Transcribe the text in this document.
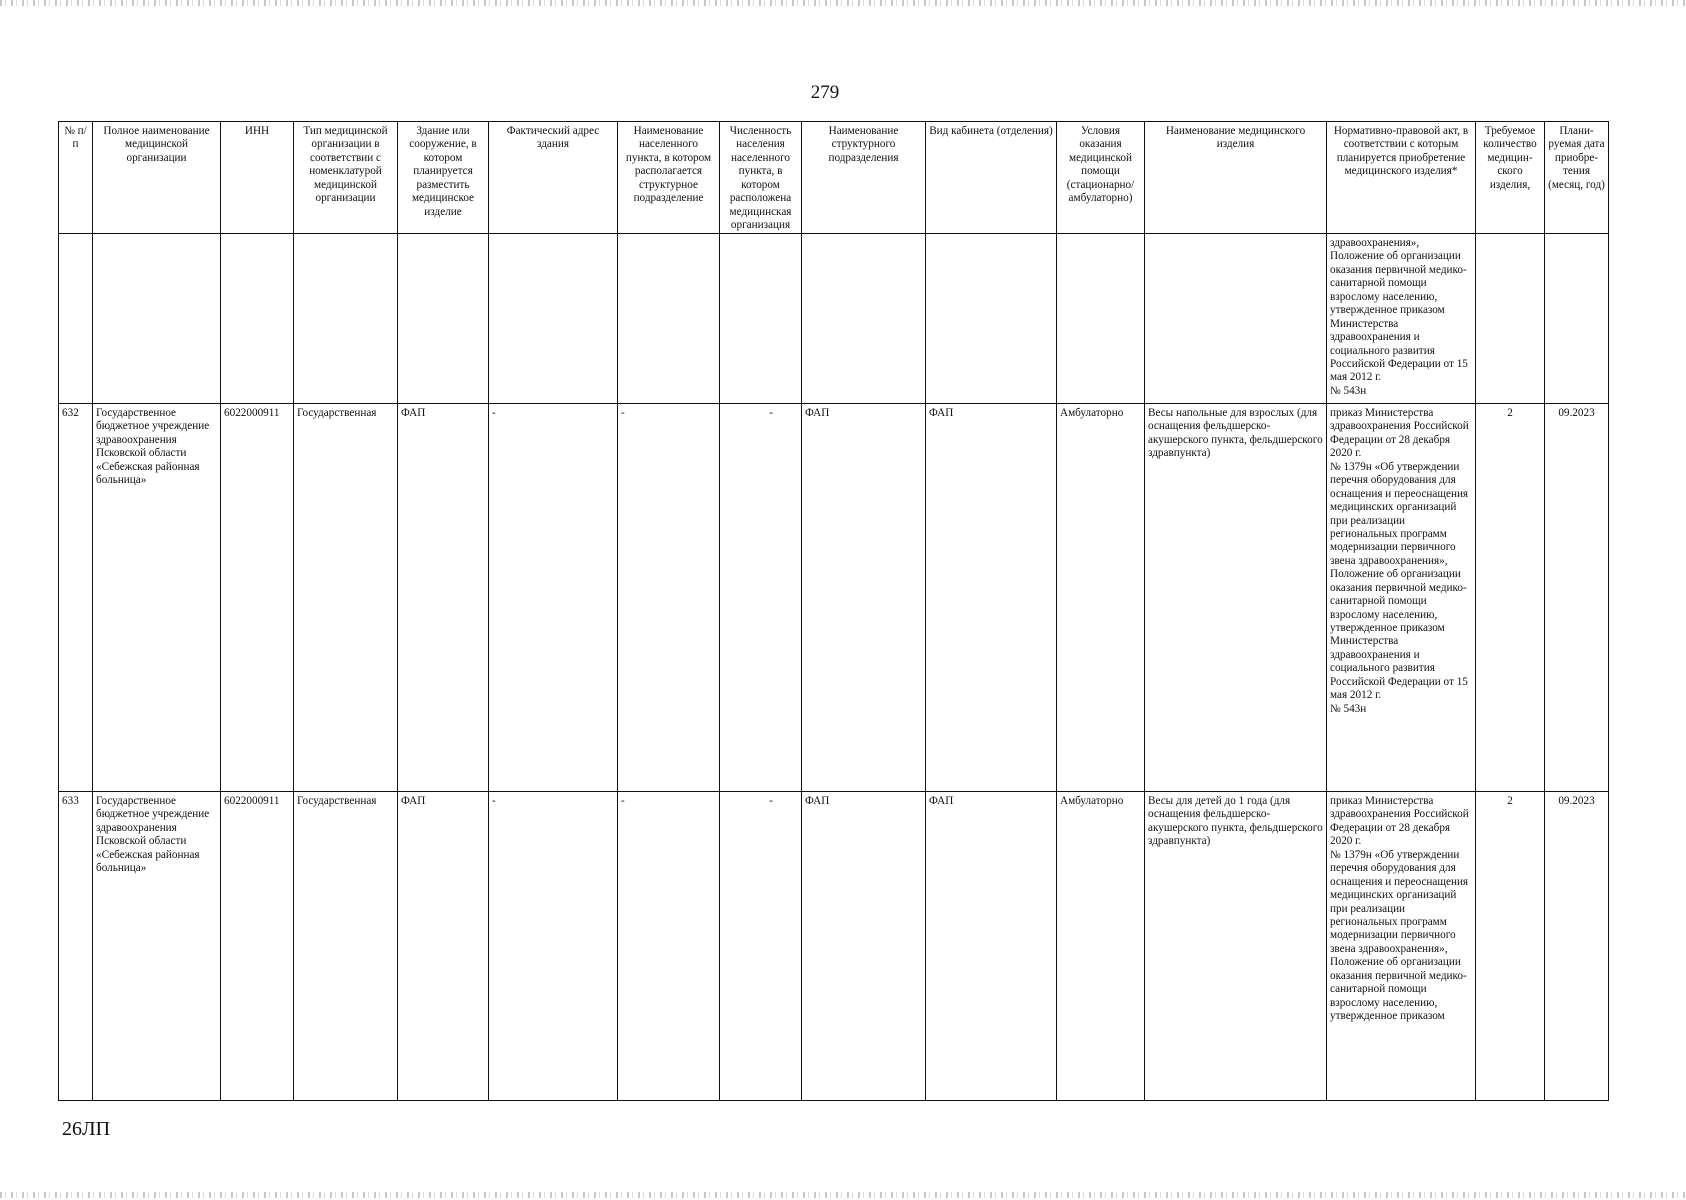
279
№ п/п	Полное наименование медицинской организации	ИНН	Тип медицинской организации в соответствии с номенклатурой медицинской организации	Здание или сооружение, в котором планируется разместить медицинское изделие	Фактический адрес здания	Наименование населенного пункта, в котором располагается структурное подразделение	Численность населения населенного пункта, в котором расположена медицинская организация	Наименование структурного подразделения	Вид кабинета (отделения)	Условия оказания медицинской помощи (стационарно/ амбулаторно)	Наименование медицинского изделия	Нормативно-правовой акт, в соответствии с которым планируется приобретение медицинского изделия*	Требуемое количество медицин-ского изделия,	Плани-руемая дата приобре-тения (месяц, год)
												здравоохранения»,
Положение об организации оказания первичной медико-санитарной помощи взрослому населению, утвержденное приказом Министерства здравоохранения и социального развития Российской Федерации от 15 мая 2012 г.
№ 543н		
632	Государственное бюджетное учреждение здравоохранения Псковской области «Себежская районная больница»	6022000911	Государственная	ФАП	-	-	-	ФАП	ФАП	Амбулаторно	Весы напольные для взрослых (для оснащения фельдшерско-акушерского пункта, фельдшерского здравпункта)	приказ Министерства здравоохранения Российской Федерации от 28 декабря 2020 г.
№ 1379н «Об утверждении перечня оборудования для оснащения и переоснащения медицинских организаций при реализации региональных программ модернизации первичного звена здравоохранения»,
Положение об организации оказания первичной медико-санитарной помощи взрослому населению, утвержденное приказом Министерства здравоохранения и социального развития Российской Федерации от 15 мая 2012 г.
№ 543н	2	09.2023
633	Государственное бюджетное учреждение здравоохранения Псковской области «Себежская районная больница»	6022000911	Государственная	ФАП	-	-	-	ФАП	ФАП	Амбулаторно	Весы для детей до 1 года (для оснащения фельдшерско-акушерского пункта, фельдшерского здравпункта)	приказ Министерства здравоохранения Российской Федерации от 28 декабря 2020 г.
№ 1379н «Об утверждении перечня оборудования для оснащения и переоснащения медицинских организаций при реализации региональных программ модернизации первичного звена здравоохранения»,
Положение об организации оказания первичной медико-санитарной помощи взрослому населению, утвержденное приказом	2	09.2023
26ЛП
